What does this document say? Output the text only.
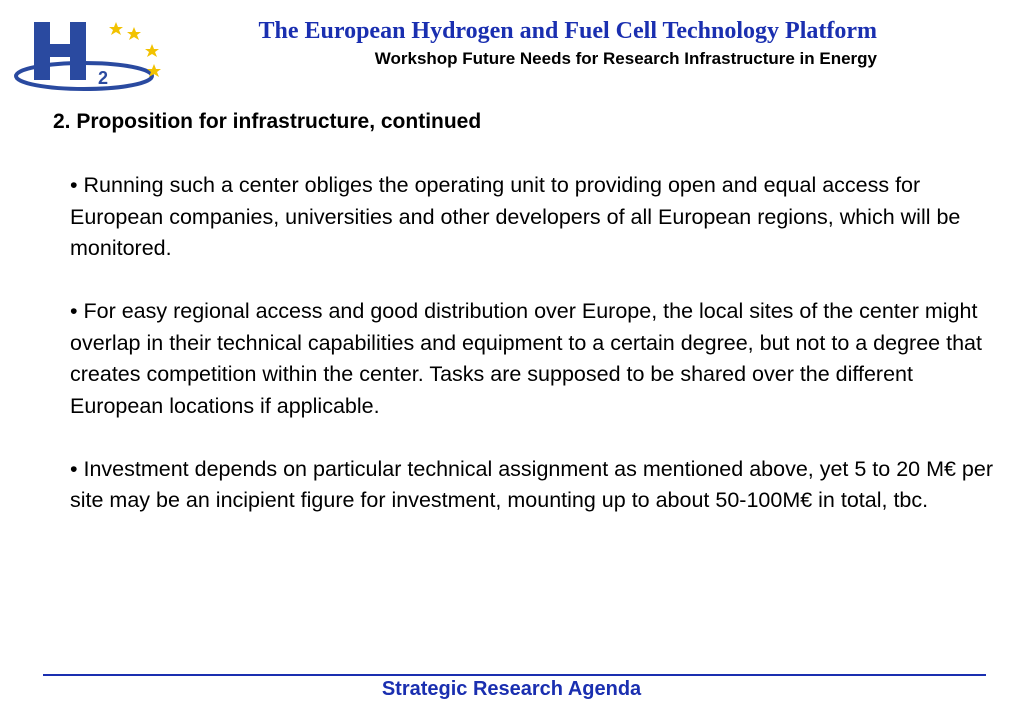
2
The European Hydrogen and Fuel Cell Technology Platform
Workshop Future Needs for Research Infrastructure in Energy
2. Proposition for infrastructure, continued

• Running such a center obliges the operating unit to providing open and equal access for European companies, universities and other developers of all European regions, which will be monitored.

• For easy regional access and good distribution over Europe, the local sites of the center might overlap in their technical capabilities and equipment to a certain degree, but not to a degree that creates competition within the center. Tasks are supposed to be shared over the different European locations if applicable.

• Investment depends on particular technical assignment as mentioned above, yet 5 to 20 M€ per site may be an incipient figure for investment, mounting up to about 50-100M€ in total, tbc.

Strategic Research Agenda
